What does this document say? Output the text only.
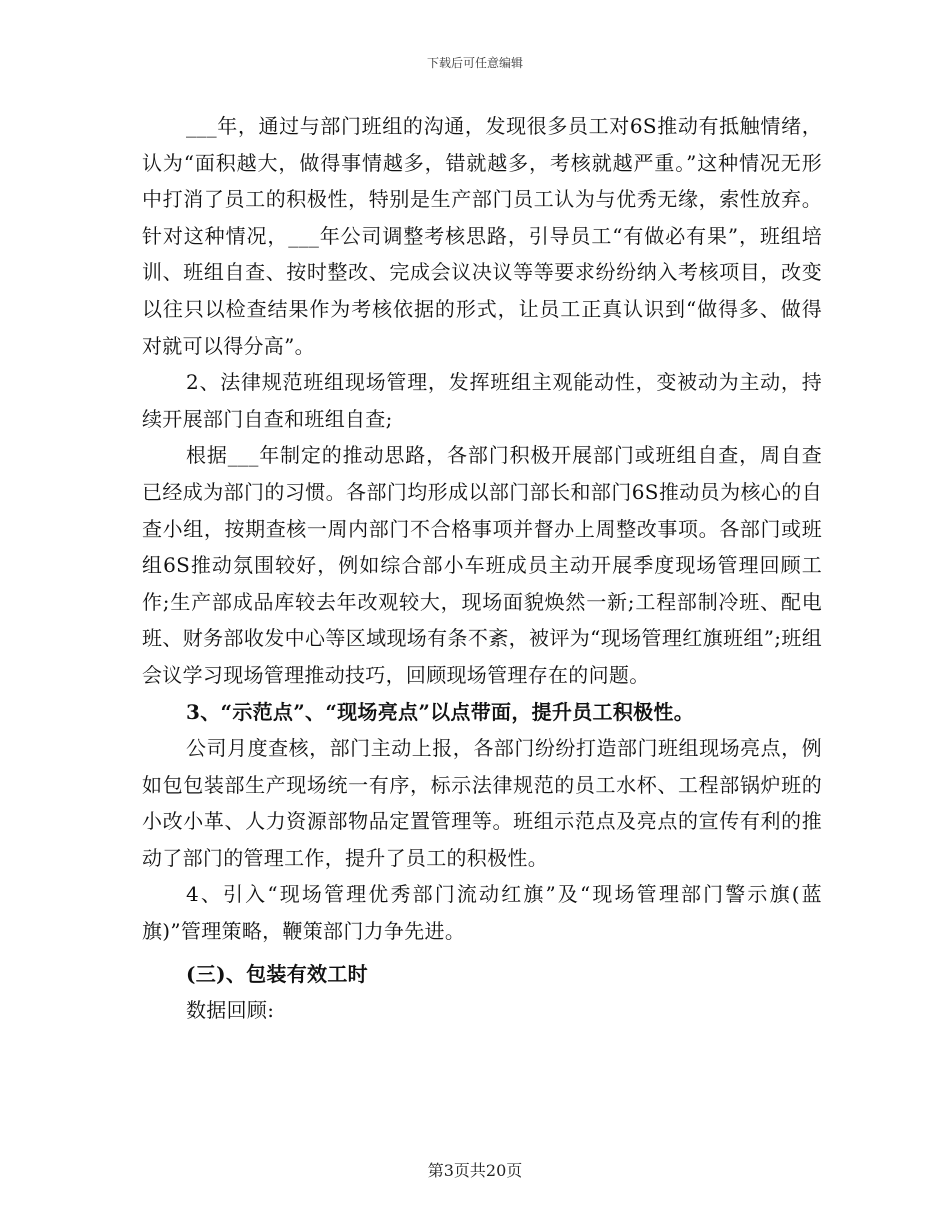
下载后可任意编辑

___年，通过与部门班组的沟通，发现很多员工对6S推动有抵触情绪，认为“面积越大，做得事情越多，错就越多，考核就越严重。”这种情况无形中打消了员工的积极性，特别是生产部门员工认为与优秀无缘，索性放弃。针对这种情况，___年公司调整考核思路，引导员工“有做必有果”，班组培训、班组自查、按时整改、完成会议决议等等要求纷纷纳入考核项目，改变以往只以检查结果作为考核依据的形式，让员工正真认识到“做得多、做得对就可以得分高”。

2、法律规范班组现场管理，发挥班组主观能动性，变被动为主动，持续开展部门自查和班组自查;

根据___年制定的推动思路，各部门积极开展部门或班组自查，周自查已经成为部门的习惯。各部门均形成以部门部长和部门6S推动员为核心的自查小组，按期查核一周内部门不合格事项并督办上周整改事项。各部门或班组6S推动氛围较好，例如综合部小车班成员主动开展季度现场管理回顾工作;生产部成品库较去年改观较大，现场面貌焕然一新;工程部制冷班、配电班、财务部收发中心等区域现场有条不紊，被评为“现场管理红旗班组”;班组会议学习现场管理推动技巧，回顾现场管理存在的问题。

3、“示范点”、“现场亮点”以点带面，提升员工积极性。

公司月度查核，部门主动上报，各部门纷纷打造部门班组现场亮点，例如包包装部生产现场统一有序，标示法律规范的员工水杯、工程部锅炉班的小改小革、人力资源部物品定置管理等。班组示范点及亮点的宣传有利的推动了部门的管理工作，提升了员工的积极性。

4、引入“现场管理优秀部门流动红旗”及“现场管理部门警示旗(蓝旗)”管理策略，鞭策部门力争先进。

(三)、包装有效工时

数据回顾:

第3页共20页
